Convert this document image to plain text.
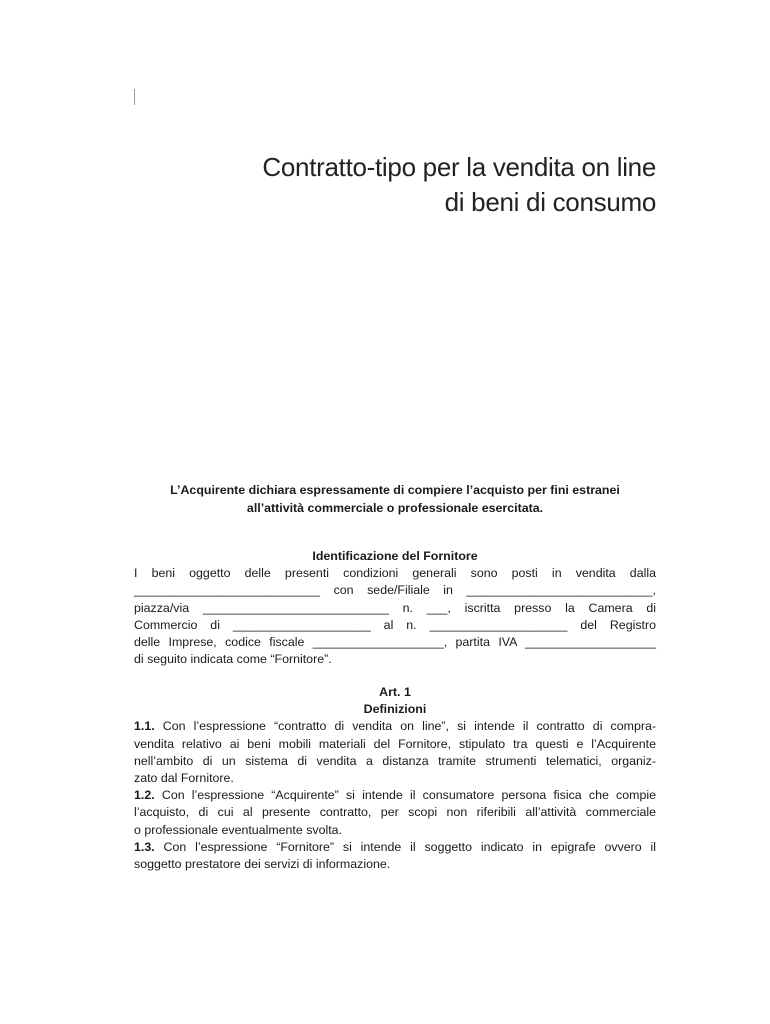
Contratto-tipo per la vendita on line
di beni di consumo
L’Acquirente dichiara espressamente di compiere l’acquisto per fini estranei
all’attività commerciale o professionale esercitata.

Identificazione del Fornitore

I beni oggetto delle presenti condizioni generali sono posti in vendita dalla
___________________________ con sede/Filiale in ___________________________,
piazza/via ___________________________ n. ___, iscritta presso la Camera di
Commercio di ____________________ al n. ____________________ del Registro
delle Imprese, codice fiscale ___________________, partita IVA ___________________
di seguito indicata come “Fornitore”.

Art. 1

Definizioni

1.1. Con l’espressione “contratto di vendita on line”, si intende il contratto di compra-
vendita relativo ai beni mobili materiali del Fornitore, stipulato tra questi e l’Acquirente
nell’ambito di un sistema di vendita a distanza tramite strumenti telematici, organiz-
zato dal Fornitore.
1.2. Con l’espressione “Acquirente” si intende il consumatore persona fisica che compie
l’acquisto, di cui al presente contratto, per scopi non riferibili all’attività commerciale
o professionale eventualmente svolta.
1.3. Con l’espressione “Fornitore” si intende il soggetto indicato in epigrafe ovvero il
soggetto prestatore dei servizi di informazione.
